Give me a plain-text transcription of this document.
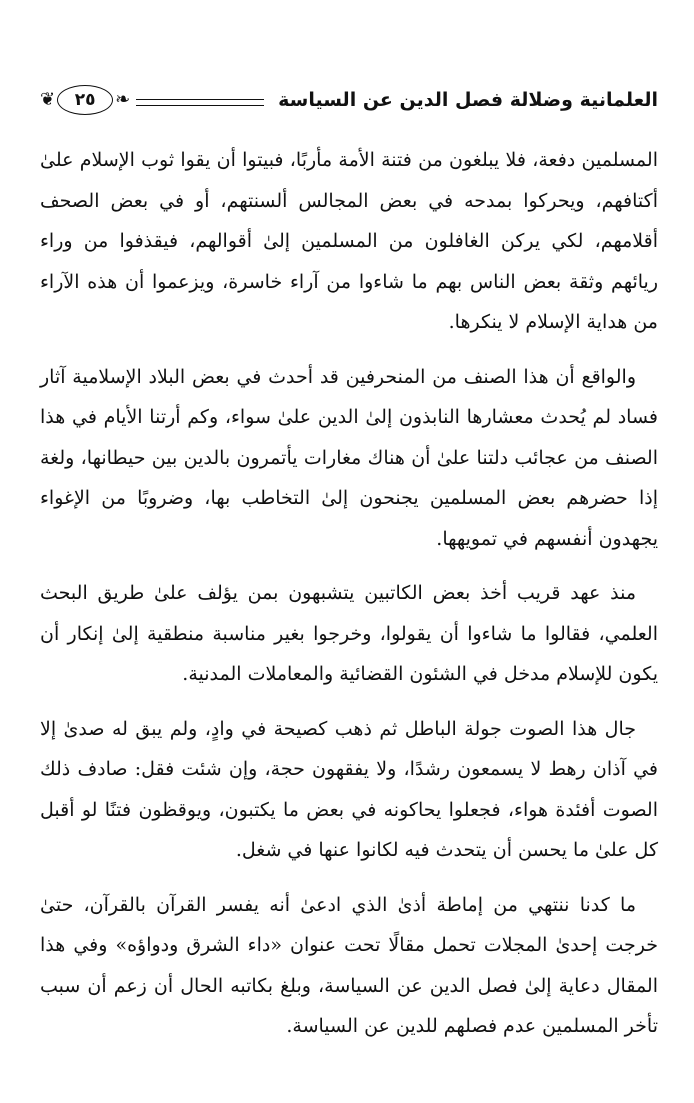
العلمانية وضلالة فصل الدين عن السياسة
❦	٢٥	❧

المسلمين دفعة، فلا يبلغون من فتنة الأمة مأربًا، فبيتوا أن يقوا ثوب الإسلام علىٰ أكتافهم، ويحركوا بمدحه في بعض المجالس ألسنتهم، أو في بعض الصحف أقلامهم، لكي يركن الغافلون من المسلمين إلىٰ أقوالهم، فيقذفوا من وراء ريائهم وثقة بعض الناس بهم ما شاءوا من آراء خاسرة، ويزعموا أن هذه الآراء من هداية الإسلام لا ينكرها.

والواقع أن هذا الصنف من المنحرفين قد أحدث في بعض البلاد الإسلامية آثار فساد لم يُحدث معشارها النابذون إلىٰ الدين علىٰ سواء، وكم أرتنا الأيام في هذا الصنف من عجائب دلتنا علىٰ أن هناك مغارات يأتمرون بالدين بين حيطانها، ولغة إذا حضرهم بعض المسلمين يجنحون إلىٰ التخاطب بها، وضروبًا من الإغواء يجهدون أنفسهم في تمويهها.

منذ عهد قريب أخذ بعض الكاتبين يتشبهون بمن يؤلف علىٰ طريق البحث العلمي، فقالوا ما شاءوا أن يقولوا، وخرجوا بغير مناسبة منطقية إلىٰ إنكار أن يكون للإسلام مدخل في الشئون القضائية والمعاملات المدنية.

جال هذا الصوت جولة الباطل ثم ذهب كصيحة في وادٍ، ولم يبق له صدىٰ إلا في آذان رهط لا يسمعون رشدًا، ولا يفقهون حجة، وإن شئت فقل: صادف ذلك الصوت أفئدة هواء، فجعلوا يحاكونه في بعض ما يكتبون، ويوقظون فتنًا لو أقبل كل علىٰ ما يحسن أن يتحدث فيه لكانوا عنها في شغل.

ما كدنا ننتهي من إماطة أذىٰ الذي ادعىٰ أنه يفسر القرآن بالقرآن، حتىٰ خرجت إحدىٰ المجلات تحمل مقالًا تحت عنوان «داء الشرق ودواؤه» وفي هذا المقال دعاية إلىٰ فصل الدين عن السياسة، وبلغ بكاتبه الحال أن زعم أن سبب تأخر المسلمين عدم فصلهم للدين عن السياسة.
